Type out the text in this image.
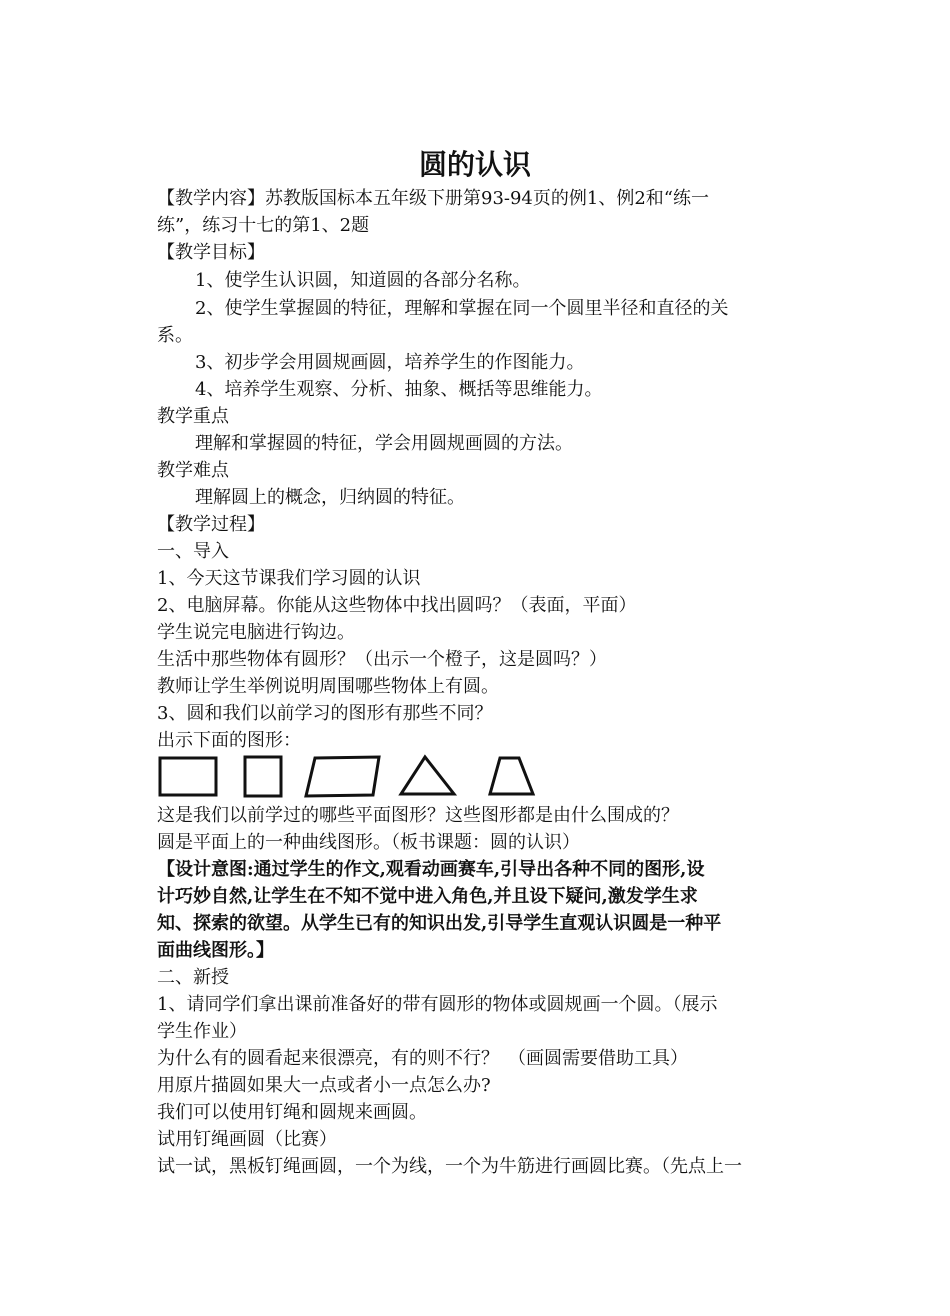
圆的认识
【教学内容】苏教版国标本五年级下册第93-94页的例1、例2和“练一
练”，练习十七的第1、2题
【教学目标】
1、使学生认识圆，知道圆的各部分名称。
2、使学生掌握圆的特征，理解和掌握在同一个圆里半径和直径的关
系。
3、初步学会用圆规画圆，培养学生的作图能力。
4、培养学生观察、分析、抽象、概括等思维能力。
教学重点
理解和掌握圆的特征，学会用圆规画圆的方法。
教学难点
理解圆上的概念，归纳圆的特征。
【教学过程】
一、导入
1、今天这节课我们学习圆的认识
2、电脑屏幕。你能从这些物体中找出圆吗？（表面，平面）
学生说完电脑进行钩边。
生活中那些物体有圆形？（出示一个橙子，这是圆吗？）
教师让学生举例说明周围哪些物体上有圆。
3、圆和我们以前学习的图形有那些不同？
出示下面的图形：
这是我们以前学过的哪些平面图形？这些图形都是由什么围成的？
圆是平面上的一种曲线图形。（板书课题：圆的认识）
【设计意图:通过学生的作文,观看动画赛车,引导出各种不同的图形,设
计巧妙自然,让学生在不知不觉中进入角色,并且设下疑问,激发学生求
知、探索的欲望。从学生已有的知识出发,引导学生直观认识圆是一种平
面曲线图形。】
二、新授
1、请同学们拿出课前准备好的带有圆形的物体或圆规画一个圆。（展示
学生作业）
为什么有的圆看起来很漂亮，有的则不行？　（画圆需要借助工具）
用原片描圆如果大一点或者小一点怎么办?
我们可以使用钉绳和圆规来画圆。
试用钉绳画圆（比赛）
试一试，黑板钉绳画圆，一个为线，一个为牛筋进行画圆比赛。（先点上一
